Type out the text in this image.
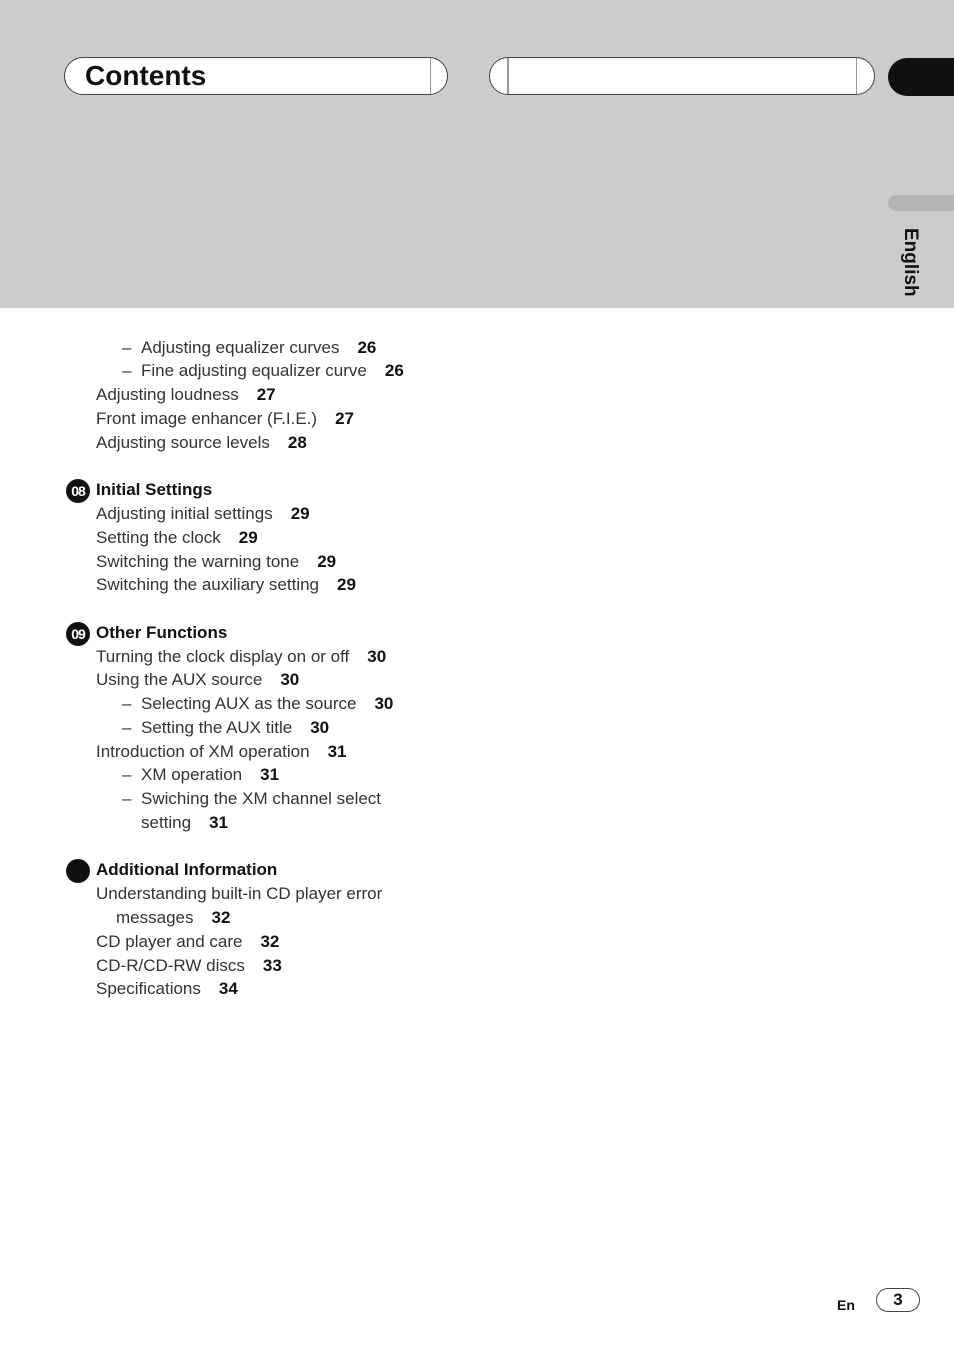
Contents
English
– Adjusting equalizer curves 26
– Fine adjusting equalizer curve 26
Adjusting loudness 27
Front image enhancer (F.I.E.) 27
Adjusting source levels 28
08 Initial Settings
Adjusting initial settings 29
Setting the clock 29
Switching the warning tone 29
Switching the auxiliary setting 29
09 Other Functions
Turning the clock display on or off 30
Using the AUX source 30
– Selecting AUX as the source 30
– Setting the AUX title 30
Introduction of XM operation 31
– XM operation 31
– Swiching the XM channel select
setting 31
Additional Information
Understanding built-in CD player error
messages 32
CD player and care 32
CD-R/CD-RW discs 33
Specifications 34
En	3
